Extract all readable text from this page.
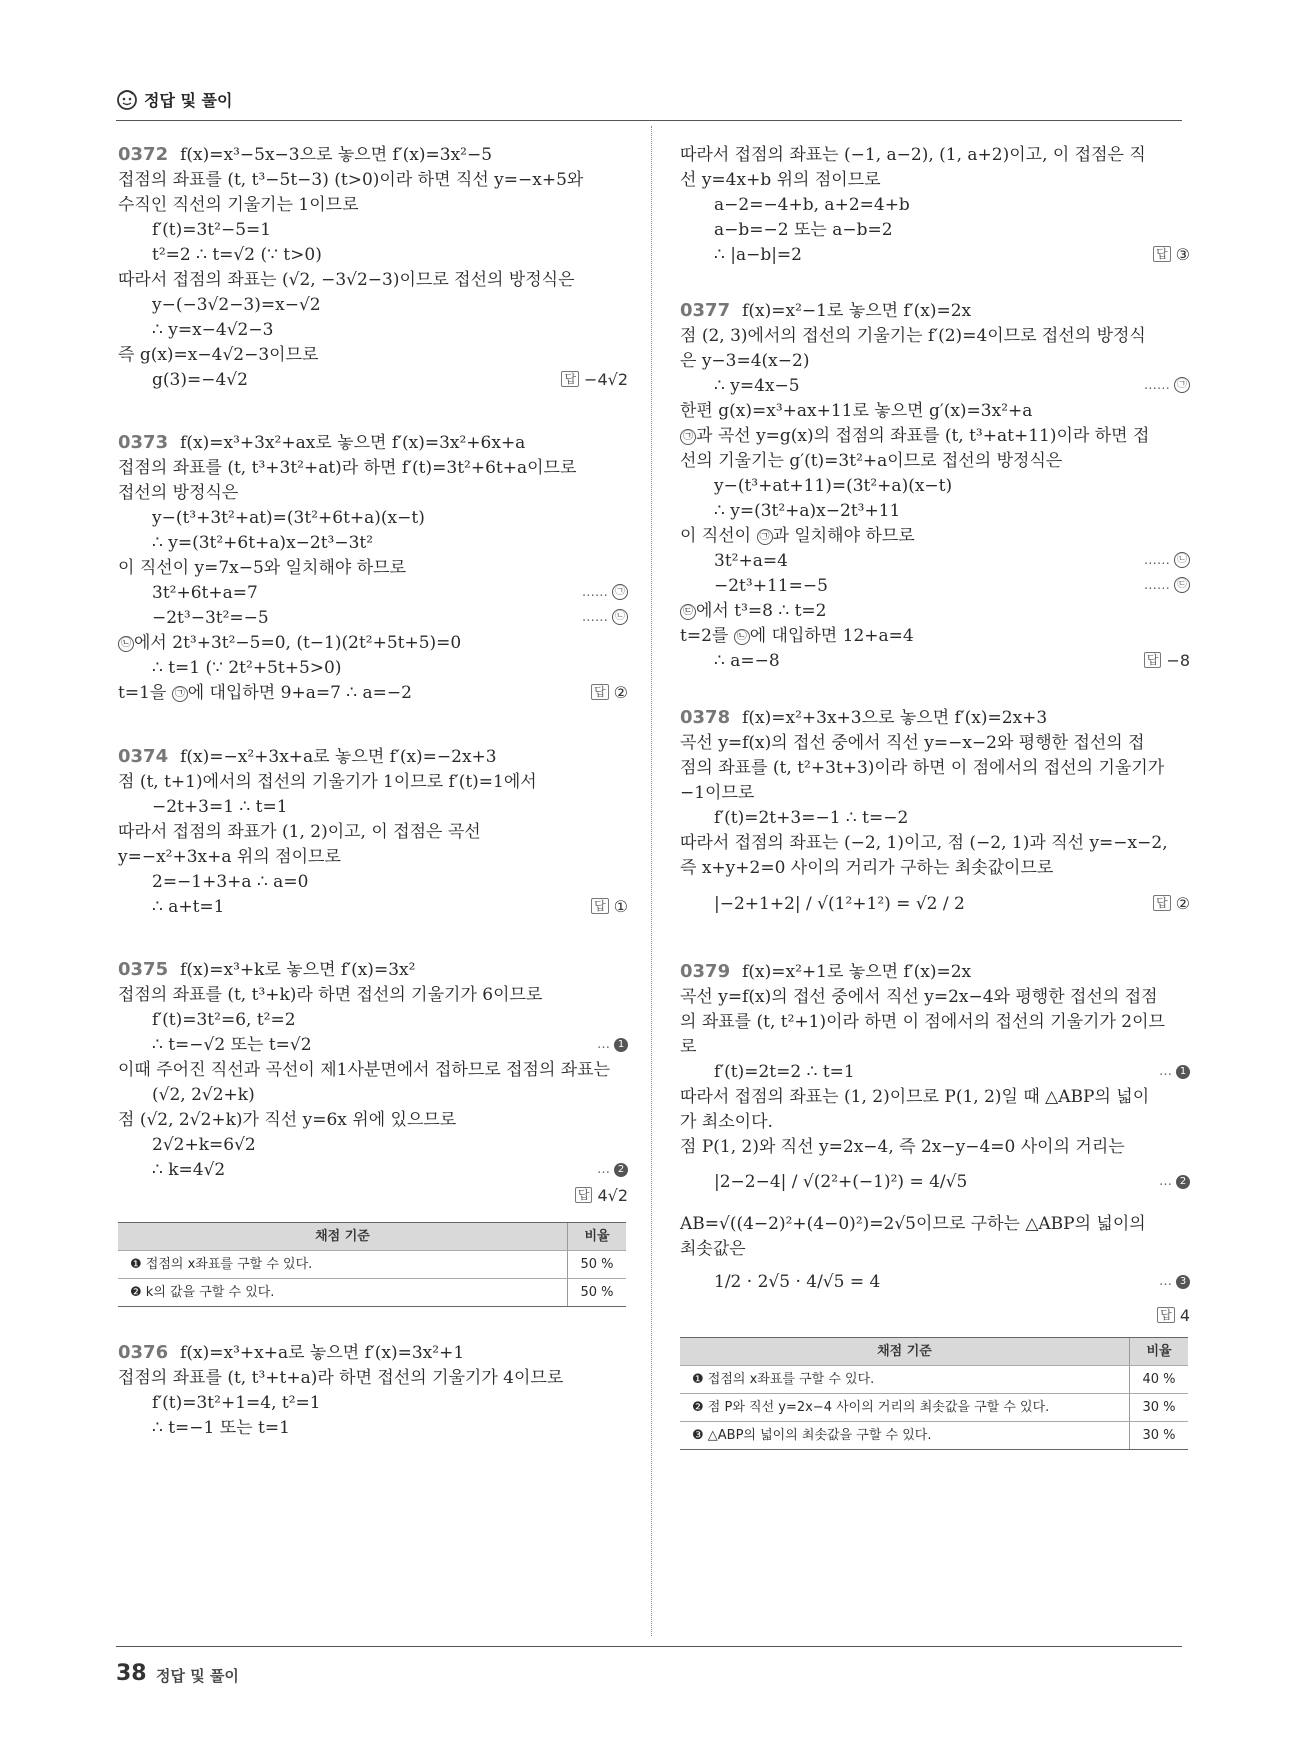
정답 및 풀이
0372 f(x)=x³−5x−3으로 놓으면 f′(x)=3x²−5
접점의 좌표를 (t, t³−5t−3) (t>0)이라 하면 직선 y=−x+5와
수직인 직선의 기울기는 1이므로
f′(t)=3t²−5=1
t²=2 ∴ t=√2 (∵ t>0)
따라서 접점의 좌표는 (√2, −3√2−3)이므로 접선의 방정식은
y−(−3√2−3)=x−√2
∴ y=x−4√2−3
즉 g(x)=x−4√2−3이므로
g(3)=−4√2	답 −4√2
0373 f(x)=x³+3x²+ax로 놓으면 f′(x)=3x²+6x+a
접점의 좌표를 (t, t³+3t²+at)라 하면 f′(t)=3t²+6t+a이므로
접선의 방정식은
y−(t³+3t²+at)=(3t²+6t+a)(x−t)
∴ y=(3t²+6t+a)x−2t³−3t²
이 직선이 y=7x−5와 일치해야 하므로
3t²+6t+a=7	…… ㉠
−2t³−3t²=−5	…… ㉡
㉡ 에서 2t³+3t²−5=0, (t−1)(2t²+5t+5)=0
∴ t=1 (∵ 2t²+5t+5>0)
t=1을 ㉠ 에 대입하면 9+a=7 ∴ a=−2	답 ②
0374 f(x)=−x²+3x+a로 놓으면 f′(x)=−2x+3
점 (t, t+1)에서의 접선의 기울기가 1이므로 f′(t)=1에서
−2t+3=1 ∴ t=1
따라서 접점의 좌표가 (1, 2)이고, 이 접점은 곡선
y=−x²+3x+a 위의 점이므로
2=−1+3+a ∴ a=0
∴ a+t=1	답 ①
0375 f(x)=x³+k로 놓으면 f′(x)=3x²
접점의 좌표를 (t, t³+k)라 하면 접선의 기울기가 6이므로
f′(t)=3t²=6, t²=2
∴ t=−√2 또는 t=√2	… 1
이때 주어진 직선과 곡선이 제1사분면에서 접하므로 접점의 좌표는
(√2, 2√2+k)
점 (√2, 2√2+k)가 직선 y=6x 위에 있으므로
2√2+k=6√2
∴ k=4√2	… 2
답 4√2
채점 기준	비율
❶ 접점의 x좌표를 구할 수 있다.	50 %
❷ k의 값을 구할 수 있다.	50 %
0376 f(x)=x³+x+a로 놓으면 f′(x)=3x²+1
접점의 좌표를 (t, t³+t+a)라 하면 접선의 기울기가 4이므로
f′(t)=3t²+1=4, t²=1
∴ t=−1 또는 t=1
따라서 접점의 좌표는 (−1, a−2), (1, a+2)이고, 이 접점은 직
선 y=4x+b 위의 점이므로
a−2=−4+b, a+2=4+b
a−b=−2 또는 a−b=2
∴ |a−b|=2	답 ③
0377 f(x)=x²−1로 놓으면 f′(x)=2x
점 (2, 3)에서의 접선의 기울기는 f′(2)=4이므로 접선의 방정식
은 y−3=4(x−2)
∴ y=4x−5	…… ㉠
한편 g(x)=x³+ax+11로 놓으면 g′(x)=3x²+a
㉠ 과 곡선 y=g(x)의 접점의 좌표를 (t, t³+at+11)이라 하면 접
선의 기울기는 g′(t)=3t²+a이므로 접선의 방정식은
y−(t³+at+11)=(3t²+a)(x−t)
∴ y=(3t²+a)x−2t³+11
이 직선이 ㉠ 과 일치해야 하므로
3t²+a=4	…… ㉡
−2t³+11=−5	…… ㉢
㉢ 에서 t³=8 ∴ t=2
t=2를 ㉡ 에 대입하면 12+a=4
∴ a=−8	답 −8
0378 f(x)=x²+3x+3으로 놓으면 f′(x)=2x+3
곡선 y=f(x)의 접선 중에서 직선 y=−x−2와 평행한 접선의 접
점의 좌표를 (t, t²+3t+3)이라 하면 이 점에서의 접선의 기울기가
−1이므로
f′(t)=2t+3=−1 ∴ t=−2
따라서 접점의 좌표는 (−2, 1)이고, 점 (−2, 1)과 직선 y=−x−2,
즉 x+y+2=0 사이의 거리가 구하는 최솟값이므로
|−2+1+2| / √(1²+1²) = √2 / 2	답 ②
0379 f(x)=x²+1로 놓으면 f′(x)=2x
곡선 y=f(x)의 접선 중에서 직선 y=2x−4와 평행한 접선의 접점
의 좌표를 (t, t²+1)이라 하면 이 점에서의 접선의 기울기가 2이므
로
f′(t)=2t=2 ∴ t=1	… 1
따라서 접점의 좌표는 (1, 2)이므로 P(1, 2)일 때 △ABP의 넓이
가 최소이다.
점 P(1, 2)와 직선 y=2x−4, 즉 2x−y−4=0 사이의 거리는
|2−2−4| / √(2²+(−1)²) = 4/√5	… 2
AB=√((4−2)²+(4−0)²)=2√5이므로 구하는 △ABP의 넓이의
최솟값은
1/2 · 2√5 · 4/√5 = 4	… 3
답 4
채점 기준	비율
❶ 접점의 x좌표를 구할 수 있다.	40 %
❷ 점 P와 직선 y=2x−4 사이의 거리의 최솟값을 구할 수 있다.	30 %
❸ △ABP의 넓이의 최솟값을 구할 수 있다.	30 %
38 정답 및 풀이
